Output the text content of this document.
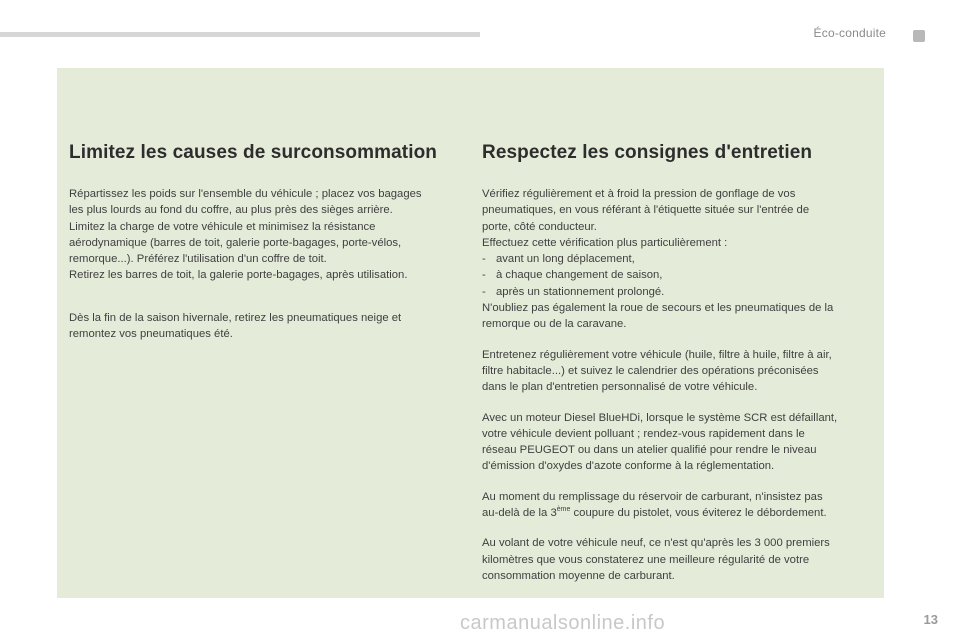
Éco-conduite
Limitez les causes de surconsommation

Répartissez les poids sur l'ensemble du véhicule ; placez vos bagages
les plus lourds au fond du coffre, au plus près des sièges arrière.
Limitez la charge de votre véhicule et minimisez la résistance
aérodynamique (barres de toit, galerie porte-bagages, porte-vélos,
remorque...). Préférez l'utilisation d'un coffre de toit.
Retirez les barres de toit, la galerie porte-bagages, après utilisation.

Dès la fin de la saison hivernale, retirez les pneumatiques neige et
remontez vos pneumatiques été.

Respectez les consignes d'entretien

Vérifiez régulièrement et à froid la pression de gonflage de vos
pneumatiques, en vous référant à l'étiquette située sur l'entrée de
porte, côté conducteur.
Effectuez cette vérification plus particulièrement :
- avant un long déplacement,
- à chaque changement de saison,
- après un stationnement prolongé.
N'oubliez pas également la roue de secours et les pneumatiques de la
remorque ou de la caravane.

Entretenez régulièrement votre véhicule (huile, filtre à huile, filtre à air,
filtre habitacle...) et suivez le calendrier des opérations préconisées
dans le plan d'entretien personnalisé de votre véhicule.

Avec un moteur Diesel BlueHDi, lorsque le système SCR est défaillant,
votre véhicule devient polluant ; rendez-vous rapidement dans le
réseau PEUGEOT ou dans un atelier qualifié pour rendre le niveau
d'émission d'oxydes d'azote conforme à la réglementation.

Au moment du remplissage du réservoir de carburant, n'insistez pas
au-delà de la 3ème coupure du pistolet, vous éviterez le débordement.

Au volant de votre véhicule neuf, ce n'est qu'après les 3 000 premiers
kilomètres que vous constaterez une meilleure régularité de votre
consommation moyenne de carburant.

carmanualsonline.info	13
